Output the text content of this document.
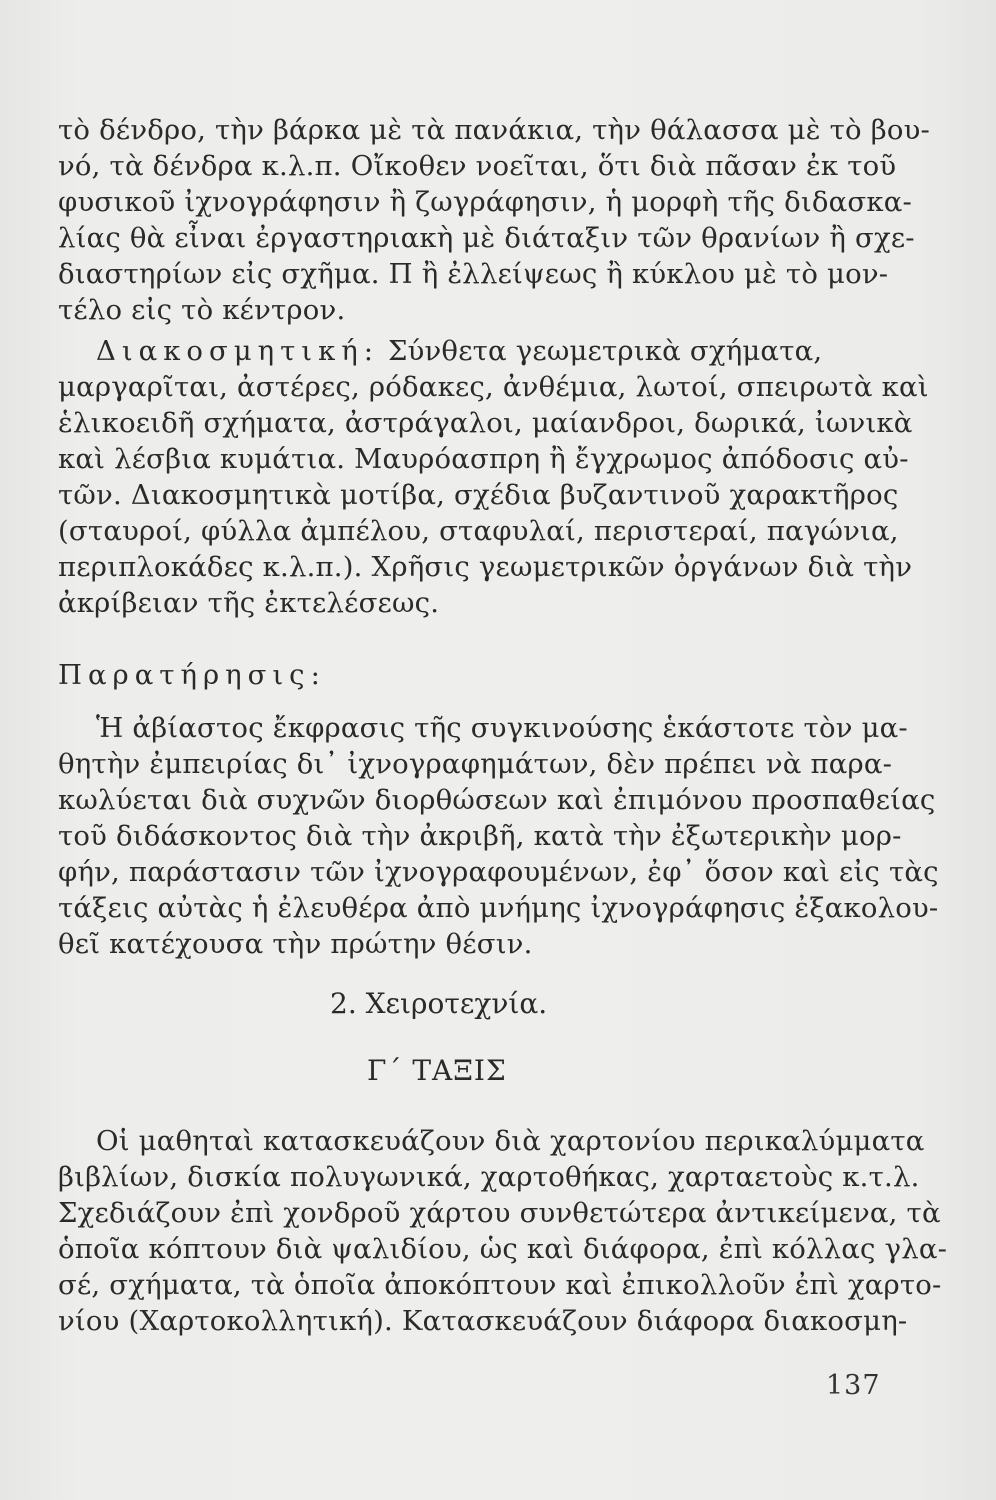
τὸ δένδρο, τὴν βάρκα μὲ τὰ πανάκια, τὴν θάλασσα μὲ τὸ βου-
νό, τὰ δένδρα κ.λ.π. Οἴκοθεν νοεῖται, ὅτι διὰ πᾶσαν ἐκ τοῦ
φυσικοῦ ἰχνογράφησιν ἢ ζωγράφησιν, ἡ μορφὴ τῆς διδασκα-
λίας θὰ εἶναι ἐργαστηριακὴ μὲ διάταξιν τῶν θρανίων ἢ σχε-
διαστηρίων εἰς σχῆμα. Π ἢ ἐλλείψεως ἢ κύκλου μὲ τὸ μον-
τέλο εἰς τὸ κέντρον.
Διακοσμητική: Σύνθετα γεωμετρικὰ σχήματα,
μαργαρῖται, ἀστέρες, ρόδακες, ἀνθέμια, λωτοί, σπειρωτὰ καὶ
ἑλικοειδῆ σχήματα, ἀστράγαλοι, μαίανδροι, δωρικά, ἰωνικὰ
καὶ λέσβια κυμάτια. Μαυρόασπρη ἢ ἔγχρωμος ἀπόδοσις αὐ-
τῶν. Διακοσμητικὰ μοτίβα, σχέδια βυζαντινοῦ χαρακτῆρος
(σταυροί, φύλλα ἀμπέλου, σταφυλαί, περιστεραί, παγώνια,
περιπλοκάδες κ.λ.π.). Χρῆσις γεωμετρικῶν ὀργάνων διὰ τὴν
ἀκρίβειαν τῆς ἐκτελέσεως.
Παρατήρησις:
Ἡ ἀβίαστος ἔκφρασις τῆς συγκινούσης ἑκάστοτε τὸν μα-
θητὴν ἐμπειρίας δι᾿ ἰχνογραφημάτων, δὲν πρέπει νὰ παρα-
κωλύεται διὰ συχνῶν διορθώσεων καὶ ἐπιμόνου προσπαθείας
τοῦ διδάσκοντος διὰ τὴν ἀκριβῆ, κατὰ τὴν ἐξωτερικὴν μορ-
φήν, παράστασιν τῶν ἰχνογραφουμένων, ἐφ᾿ ὅσον καὶ εἰς τὰς
τάξεις αὐτὰς ἡ ἐλευθέρα ἀπὸ μνήμης ἰχνογράφησις ἐξακολου-
θεῖ κατέχουσα τὴν πρώτην θέσιν.
2. Χειροτεχνία.
Γ΄ ΤΑΞΙΣ
Οἱ μαθηταὶ κατασκευάζουν διὰ χαρτονίου περικαλύμματα
βιβλίων, δισκία πολυγωνικά, χαρτοθήκας, χαρταετοὺς κ.τ.λ.
Σχεδιάζουν ἐπὶ χονδροῦ χάρτου συνθετώτερα ἀντικείμενα, τὰ
ὁποῖα κόπτουν διὰ ψαλιδίου, ὡς καὶ διάφορα, ἐπὶ κόλλας γλα-
σέ, σχήματα, τὰ ὁποῖα ἀποκόπτουν καὶ ἐπικολλοῦν ἐπὶ χαρτο-
νίου (Χαρτοκολλητική). Κατασκευάζουν διάφορα διακοσμη-
137
